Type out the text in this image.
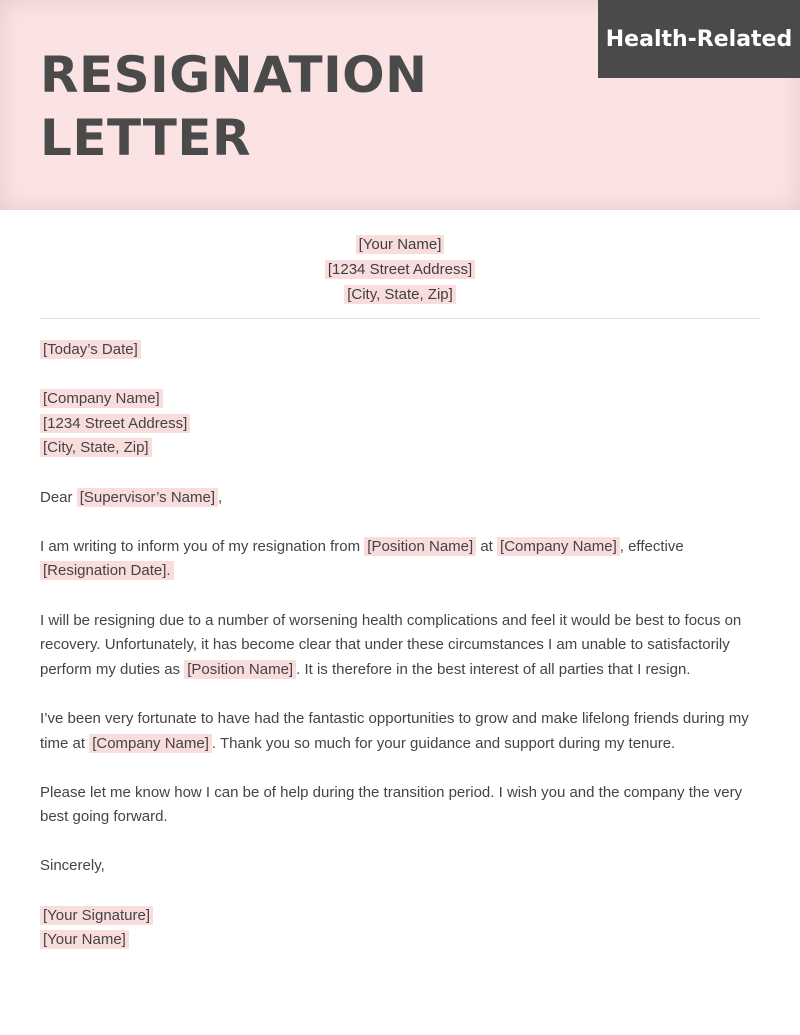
RESIGNATION
LETTER
Health-Related
[Your Name]
[1234 Street Address]
[City, State, Zip]

[Today’s Date]

[Company Name]
[1234 Street Address]
[City, State, Zip]

Dear [Supervisor’s Name] ,

I am writing to inform you of my resignation from [Position Name] at [Company Name] , effective
[Resignation Date].

I will be resigning due to a number of worsening health complications and feel it would be best to focus on recovery. Unfortunately, it has become clear that under these circumstances I am unable to satisfactorily perform my duties as [Position Name] . It is therefore in the best interest of all parties that I resign.

I’ve been very fortunate to have had the fantastic opportunities to grow and make lifelong friends during my time at [Company Name] . Thank you so much for your guidance and support during my tenure.

Please let me know how I can be of help during the transition period. I wish you and the company the very best going forward.

Sincerely,

[Your Signature]
[Your Name]
